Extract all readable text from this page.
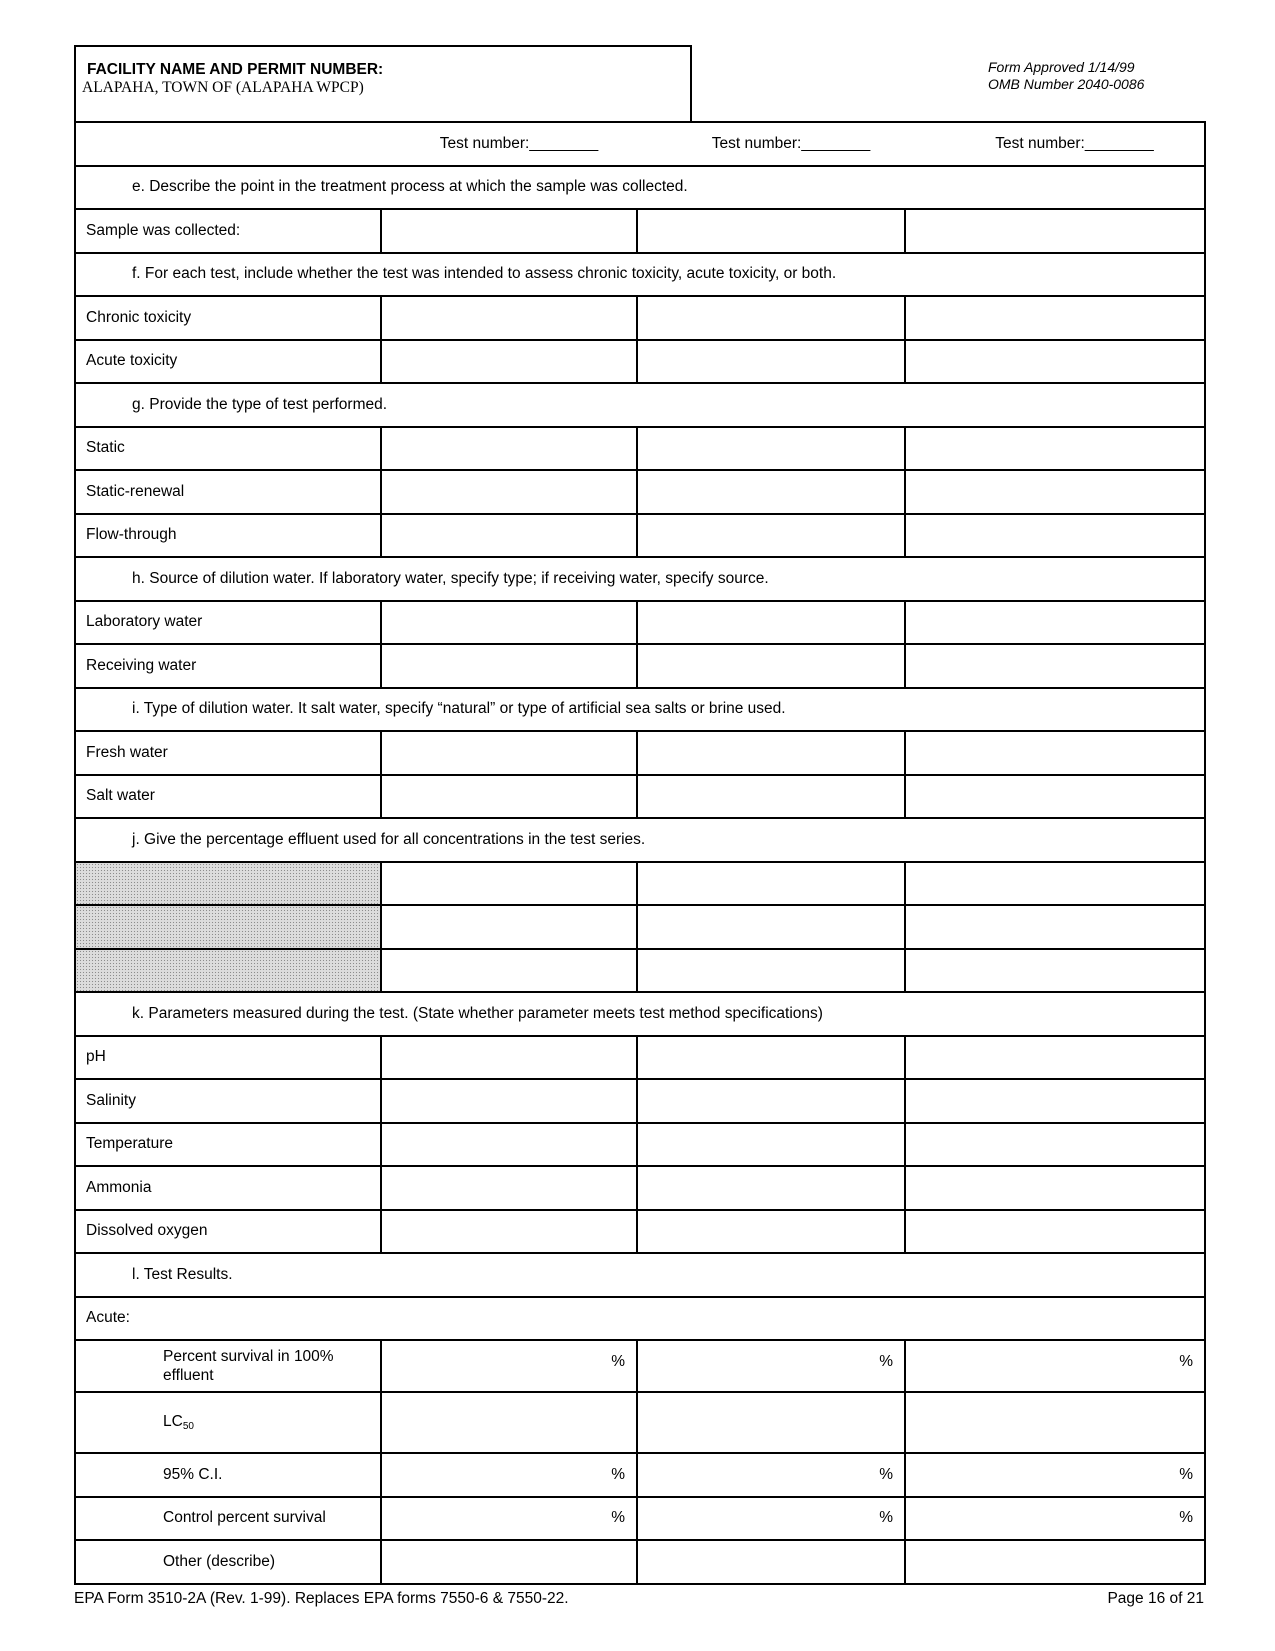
FACILITY NAME AND PERMIT NUMBER:
ALAPAHA, TOWN OF (ALAPAHA WPCP)
Form Approved 1/14/99
OMB Number 2040-0086
	Test number:________	Test number:________	Test number:________
e. Describe the point in the treatment process at which the sample was collected.			
Sample was collected:			
f. For each test, include whether the test was intended to assess chronic toxicity, acute toxicity, or both.			
Chronic toxicity			
Acute toxicity			
g. Provide the type of test performed.			
Static			
Static-renewal			
Flow-through			
h. Source of dilution water. If laboratory water, specify type; if receiving water, specify source.			
Laboratory water			
Receiving water			
i. Type of dilution water. It salt water, specify “natural” or type of artificial sea salts or brine used.			
Fresh water			
Salt water			
j. Give the percentage effluent used for all concentrations in the test series.			

k. Parameters measured during the test. (State whether parameter meets test method specifications)			
pH			
Salinity			
Temperature			
Ammonia			
Dissolved oxygen			
l. Test Results.			
Acute:			
Percent survival in 100% effluent	%	%	%
$LC_{50}$			
95% C.I.	%	%	%
Control percent survival	%	%	%
Other (describe)			
EPA Form 3510-2A (Rev. 1-99). Replaces EPA forms 7550-6 & 7550-22.	Page 16 of 21
